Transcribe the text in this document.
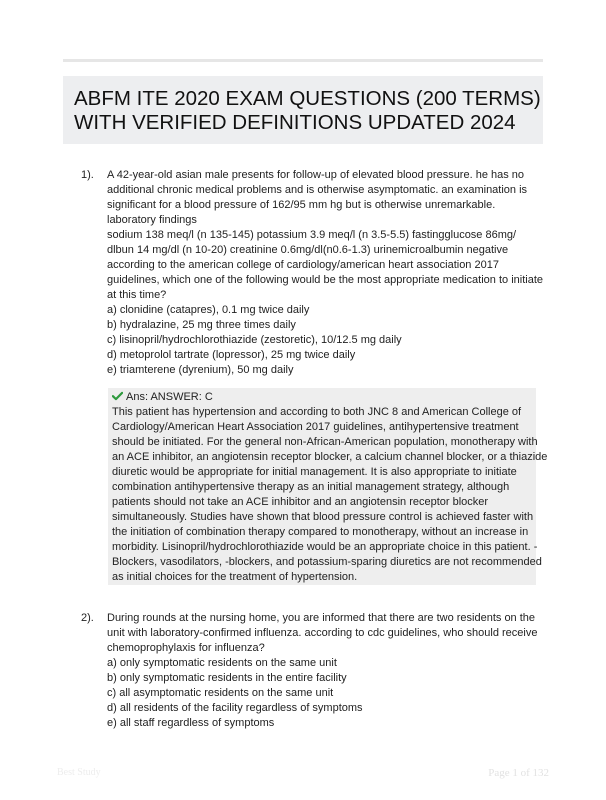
ABFM ITE 2020 EXAM QUESTIONS (200 TERMS)
WITH VERIFIED DEFINITIONS UPDATED 2024
1). A 42-year-old asian male presents for follow-up of elevated blood pressure. he has no
additional chronic medical problems and is otherwise asymptomatic. an examination is
significant for a blood pressure of 162/95 mm hg but is otherwise unremarkable.
laboratory findings
sodium 138 meq/l (n 135-145) potassium 3.9 meq/l (n 3.5-5.5) fastingglucose 86mg/
dlbun 14 mg/dl (n 10-20) creatinine 0.6mg/dl(n0.6-1.3) urinemicroalbumin negative
according to the american college of cardiology/american heart association 2017
guidelines, which one of the following would be the most appropriate medication to initiate
at this time?
a) clonidine (catapres), 0.1 mg twice daily
b) hydralazine, 25 mg three times daily
c) lisinopril/hydrochlorothiazide (zestoretic), 10/12.5 mg daily
d) metoprolol tartrate (lopressor), 25 mg twice daily
e) triamterene (dyrenium), 50 mg daily
Ans: ANSWER: C
This patient has hypertension and according to both JNC 8 and American College of
Cardiology/American Heart Association 2017 guidelines, antihypertensive treatment
should be initiated. For the general non-African-American population, monotherapy with
an ACE inhibitor, an angiotensin receptor blocker, a calcium channel blocker, or a thiazide
diuretic would be appropriate for initial management. It is also appropriate to initiate
combination antihypertensive therapy as an initial management strategy, although
patients should not take an ACE inhibitor and an angiotensin receptor blocker
simultaneously. Studies have shown that blood pressure control is achieved faster with
the initiation of combination therapy compared to monotherapy, without an increase in
morbidity. Lisinopril/hydrochlorothiazide would be an appropriate choice in this patient. -
Blockers, vasodilators, -blockers, and potassium-sparing diuretics are not recommended
as initial choices for the treatment of hypertension.
2). During rounds at the nursing home, you are informed that there are two residents on the
unit with laboratory-confirmed influenza. according to cdc guidelines, who should receive
chemoprophylaxis for influenza?
a) only symptomatic residents on the same unit
b) only symptomatic residents in the entire facility
c) all asymptomatic residents on the same unit
d) all residents of the facility regardless of symptoms
e) all staff regardless of symptoms
Best Study	Page 1 of 132
